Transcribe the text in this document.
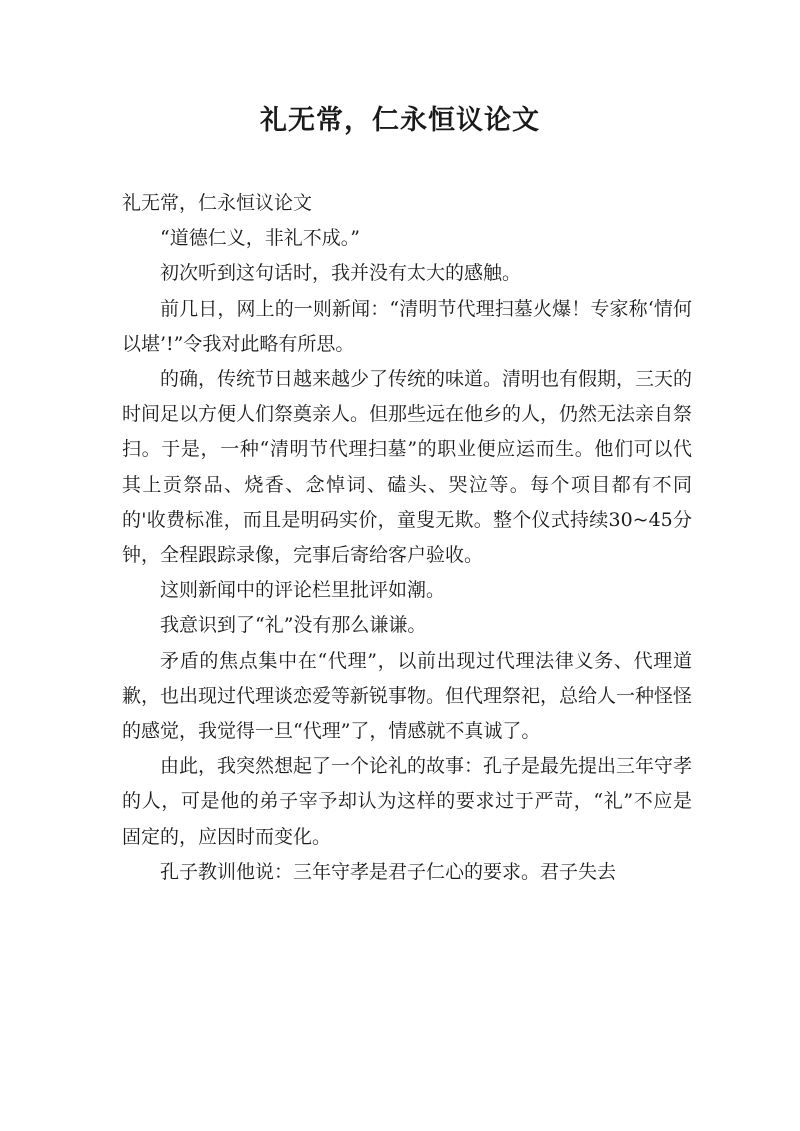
礼无常，仁永恒议论文

礼无常，仁永恒议论文

“道德仁义，非礼不成。”

初次听到这句话时，我并没有太大的感触。

前几日，网上的一则新闻：“清明节代理扫墓火爆！专家称‘情何以堪’!”令我对此略有所思。

的确，传统节日越来越少了传统的味道。清明也有假期，三天的时间足以方便人们祭奠亲人。但那些远在他乡的人，仍然无法亲自祭扫。于是，一种“清明节代理扫墓”的职业便应运而生。他们可以代其上贡祭品、烧香、念悼词、磕头、哭泣等。每个项目都有不同的'收费标准，而且是明码实价，童叟无欺。整个仪式持续30~45分钟，全程跟踪录像，完事后寄给客户验收。

这则新闻中的评论栏里批评如潮。

我意识到了“礼”没有那么谦谦。

矛盾的焦点集中在“代理”，以前出现过代理法律义务、代理道歉，也出现过代理谈恋爱等新锐事物。但代理祭祀，总给人一种怪怪的感觉，我觉得一旦“代理”了，情感就不真诚了。

由此，我突然想起了一个论礼的故事：孔子是最先提出三年守孝的人，可是他的弟子宰予却认为这样的要求过于严苛，“礼”不应是固定的，应因时而变化。

孔子教训他说：三年守孝是君子仁心的要求。君子失去
